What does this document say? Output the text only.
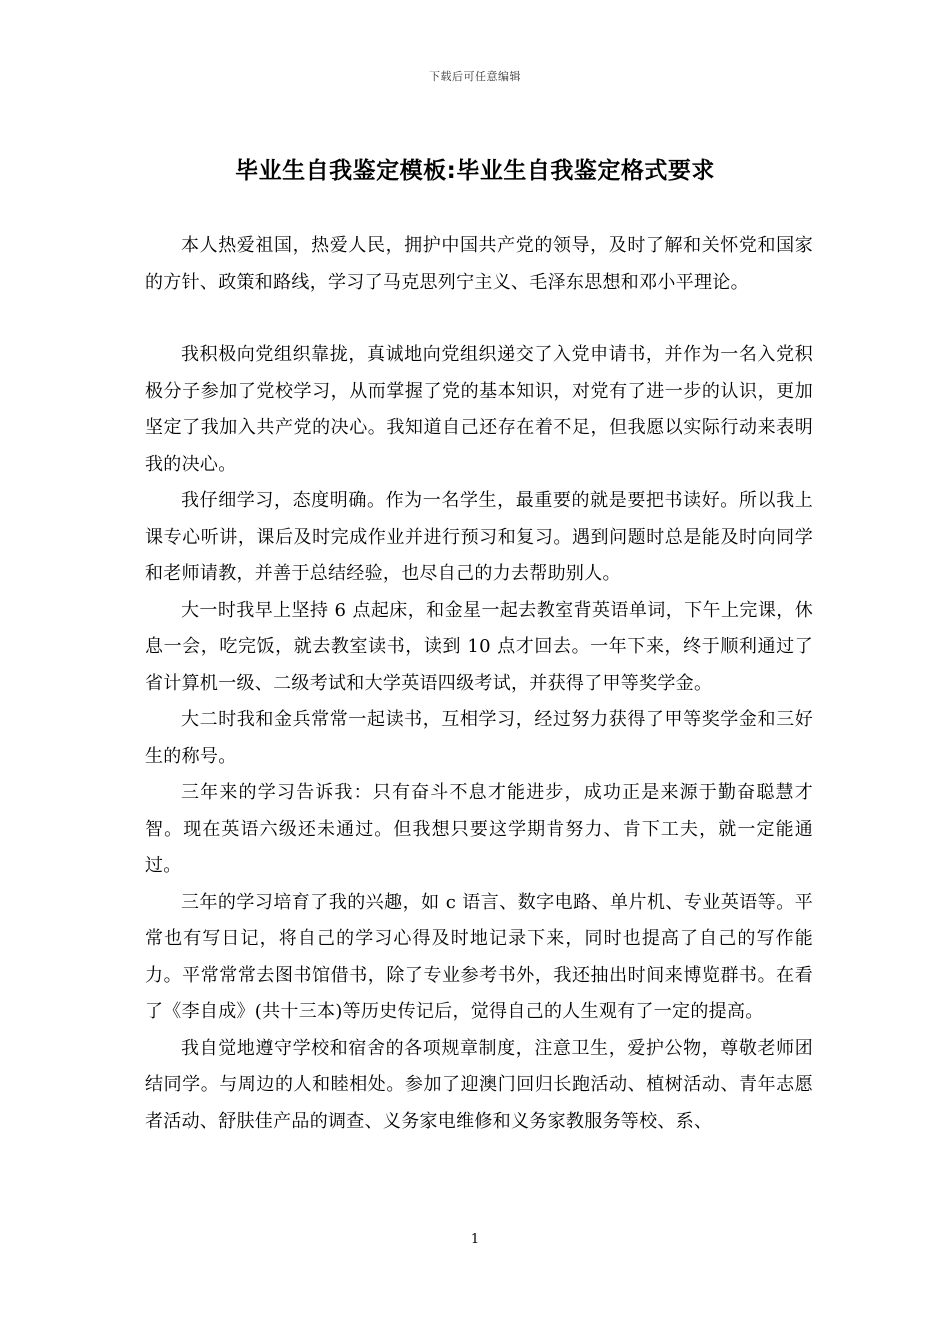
下载后可任意编辑
毕业生自我鉴定模板:毕业生自我鉴定格式要求

本人热爱祖国，热爱人民，拥护中国共产党的领导，及时了解和关怀党和国家的方针、政策和路线，学习了马克思列宁主义、毛泽东思想和邓小平理论。

我积极向党组织靠拢，真诚地向党组织递交了入党申请书，并作为一名入党积极分子参加了党校学习，从而掌握了党的基本知识，对党有了进一步的认识，更加坚定了我加入共产党的决心。我知道自己还存在着不足，但我愿以实际行动来表明我的决心。

我仔细学习，态度明确。作为一名学生，最重要的就是要把书读好。所以我上课专心听讲，课后及时完成作业并进行预习和复习。遇到问题时总是能及时向同学和老师请教，并善于总结经验，也尽自己的力去帮助别人。

大一时我早上坚持 6 点起床，和金星一起去教室背英语单词，下午上完课，休息一会，吃完饭，就去教室读书，读到 10 点才回去。一年下来，终于顺利通过了省计算机一级、二级考试和大学英语四级考试，并获得了甲等奖学金。

大二时我和金兵常常一起读书，互相学习，经过努力获得了甲等奖学金和三好生的称号。

三年来的学习告诉我：只有奋斗不息才能进步，成功正是来源于勤奋聪慧才智。现在英语六级还未通过。但我想只要这学期肯努力、肯下工夫，就一定能通过。

三年的学习培育了我的兴趣，如 c 语言、数字电路、单片机、专业英语等。平常也有写日记，将自己的学习心得及时地记录下来，同时也提高了自己的写作能力。平常常常去图书馆借书，除了专业参考书外，我还抽出时间来博览群书。在看了《李自成》(共十三本)等历史传记后，觉得自己的人生观有了一定的提高。

我自觉地遵守学校和宿舍的各项规章制度，注意卫生，爱护公物，尊敬老师团结同学。与周边的人和睦相处。参加了迎澳门回归长跑活动、植树活动、青年志愿者活动、舒肤佳产品的调查、义务家电维修和义务家教服务等校、系、

1
